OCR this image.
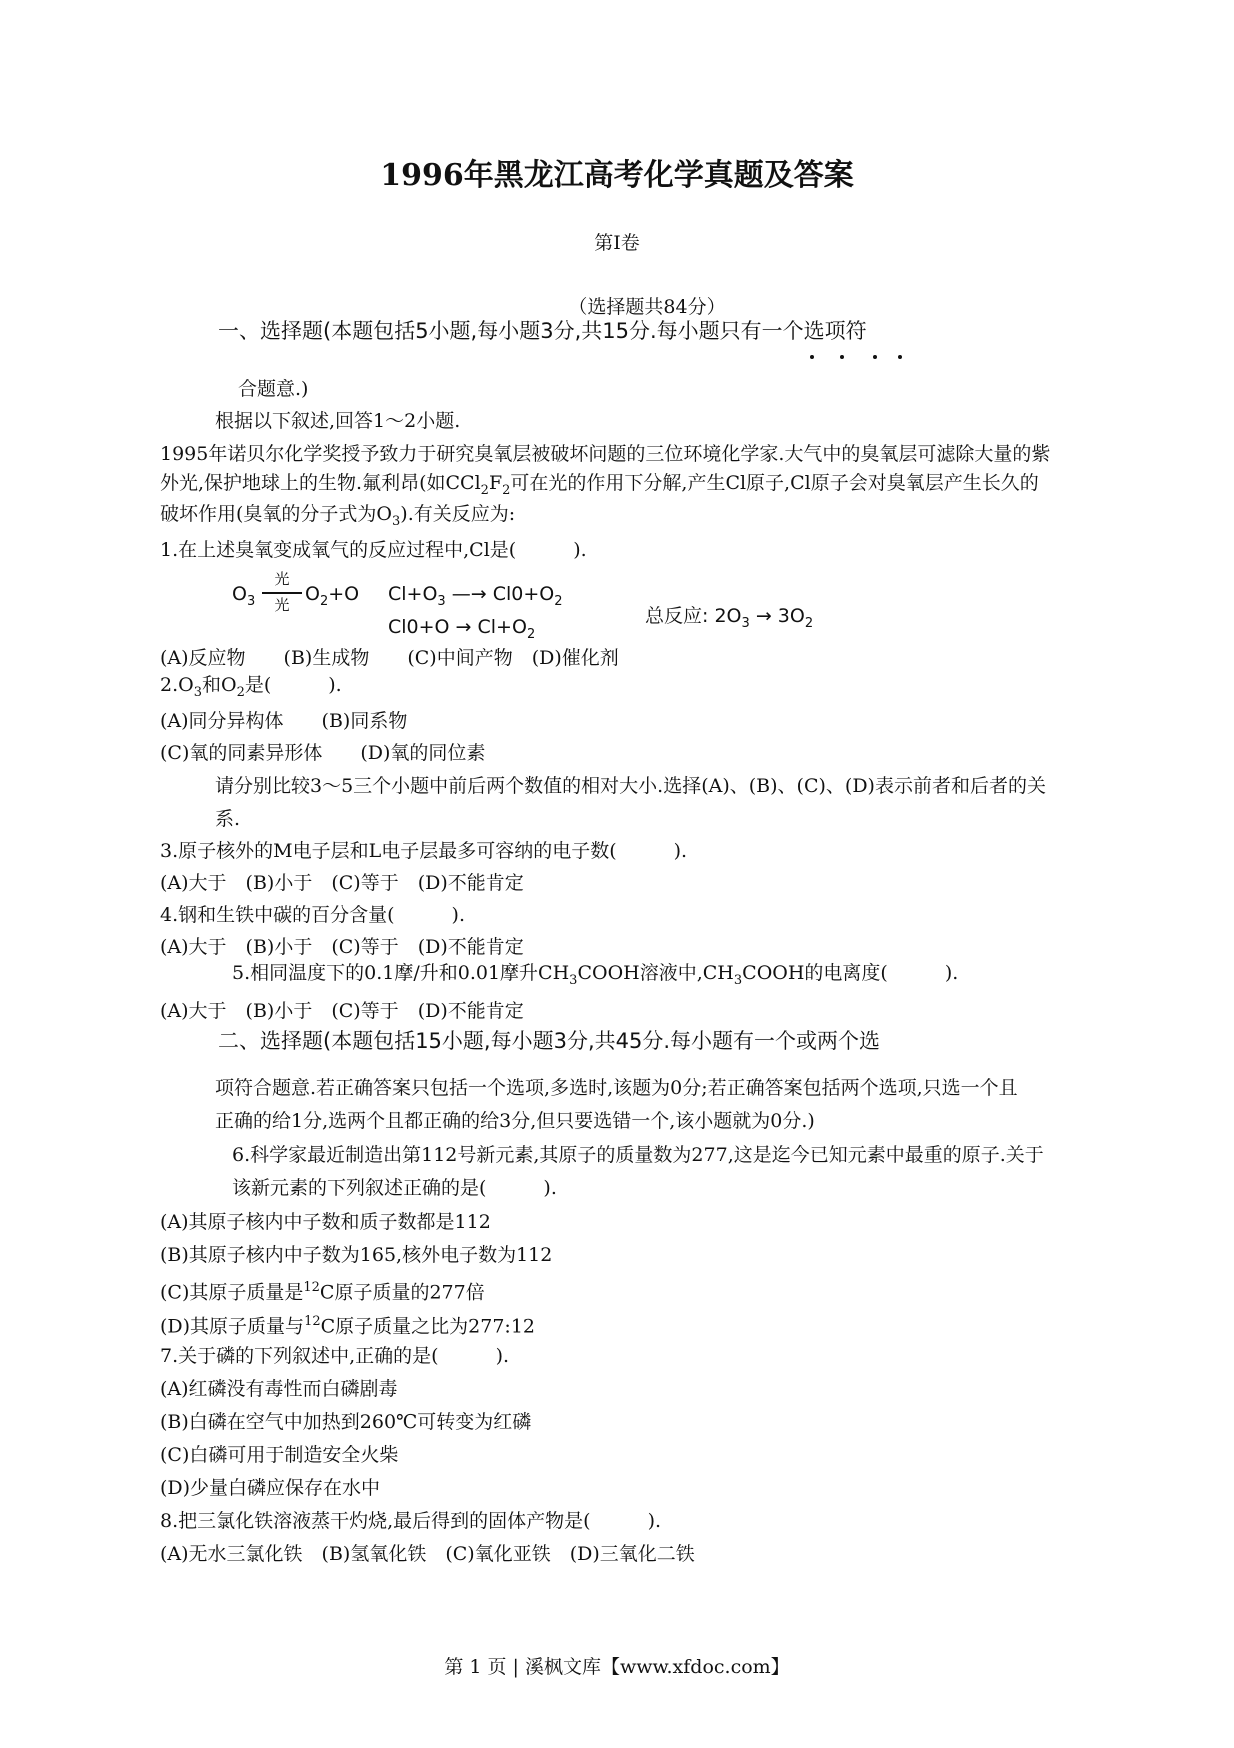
1996年黑龙江高考化学真题及答案
第I卷
（选择题共84分）
一、选择题(本题包括5小题,每小题3分,共15分.每小题只有一个选项符
合题意.)
根据以下叙述,回答1～2小题.
1995年诺贝尔化学奖授予致力于研究臭氧层被破坏问题的三位环境化学家.大气中的臭氧层可滤除大量的紫
外光,保护地球上的生物.氟利昂(如$CCl_2F_2$可在光的作用下分解,产生Cl原子,Cl原子会对臭氧层产生长久的
破坏作用(臭氧的分子式为$O_3$).有关反应为:
1.在上述臭氧变成氧气的反应过程中,Cl是(　　　).
$O_3$
光
光 $O_2+O$ $Cl+O_3$ —→ $Cl0+O_2$
$Cl0+O \to Cl+O_2$
总反应: $2O_3 \to 3O_2$
(A)反应物　　(B)生成物　　(C)中间产物　(D)催化剂
$2.O_3$和$O_2$是(　　　).
(A)同分异构体　　(B)同系物
(C)氧的同素异形体　　(D)氧的同位素
请分别比较3～5三个小题中前后两个数值的相对大小.选择(A)、(B)、(C)、(D)表示前者和后者的关
系.
3.原子核外的M电子层和L电子层最多可容纳的电子数(　　　).
(A)大于　(B)小于　(C)等于　(D)不能肯定
4.钢和生铁中碳的百分含量(　　　).
(A)大于　(B)小于　(C)等于　(D)不能肯定
5.相同温度下的0.1摩/升和0.01摩升$CH_3COOH$溶液中$,CH_3COOH$的电离度(　　　).
(A)大于　(B)小于　(C)等于　(D)不能肯定
二、选择题(本题包括15小题,每小题3分,共45分.每小题有一个或两个选
项符合题意.若正确答案只包括一个选项,多选时,该题为0分;若正确答案包括两个选项,只选一个且
正确的给1分,选两个且都正确的给3分,但只要选错一个,该小题就为0分.)
6.科学家最近制造出第112号新元素,其原子的质量数为277,这是迄今已知元素中最重的原子.关于
该新元素的下列叙述正确的是(　　　).
(A)其原子核内中子数和质子数都是112
(B)其原子核内中子数为165,核外电子数为112
(C)其原子质量是$^{12}$C原子质量的277倍
(D)其原子质量与$^{12}$C原子质量之比为277:12
7.关于磷的下列叙述中,正确的是(　　　).
(A)红磷没有毒性而白磷剧毒
(B)白磷在空气中加热到260℃可转变为红磷
(C)白磷可用于制造安全火柴
(D)少量白磷应保存在水中
8.把三氯化铁溶液蒸干灼烧,最后得到的固体产物是(　　　).
(A)无水三氯化铁　(B)氢氧化铁　(C)氧化亚铁　(D)三氧化二铁
第 1 页 | 溪枫文库【www.xfdoc.com】
